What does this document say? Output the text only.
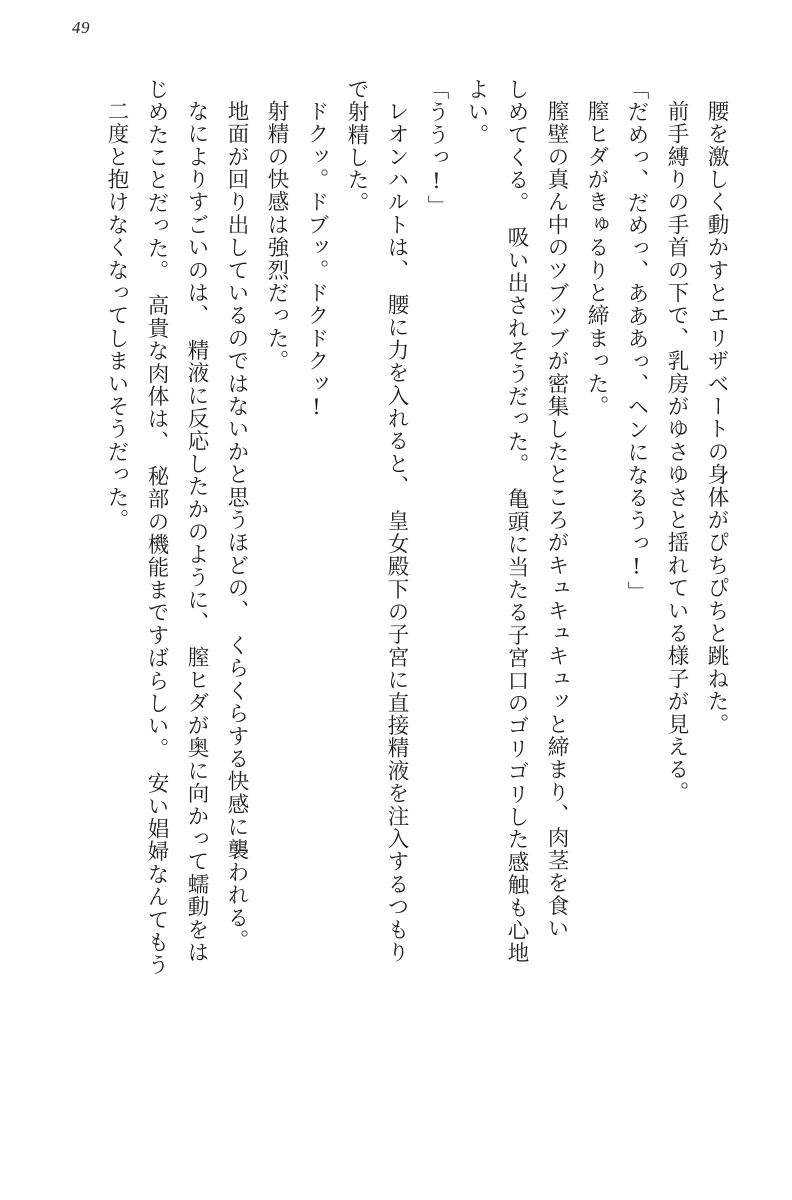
49
腰を激しく動かすとエリザベートの身体がぴちぴちと跳ねた。
前手縛りの手首の下で、乳房がゆさゆさと揺れている様子が見える。
「だめっ、だめっ、あああっ、ヘンになるうっ!」
膣ヒダがきゅるりと締まった。
膣壁の真ん中のツブツブが密集したところがキュキュキュッと締まり、肉茎を食い
しめてくる。　吸い出されそうだった。　亀頭に当たる子宮口のゴリゴリした感触も心地
よい。
「ううっ!」
レオンハルトは、　腰に力を入れると、　皇女殿下の子宮に直接精液を注入するつもり
で射精した。
ドクッ。ドブッ。ドクドクッ!
射精の快感は強烈だった。
地面が回り出しているのではないかと思うほどの、　くらくらする快感に襲われる。
なによりすごいのは、　精液に反応したかのように、　膣ヒダが奥に向かって蠕動をは
じめたことだった。　高貴な肉体は、　秘部の機能まですばらしい。　安い娼婦なんてもう
二度と抱けなくなってしまいそうだった。
